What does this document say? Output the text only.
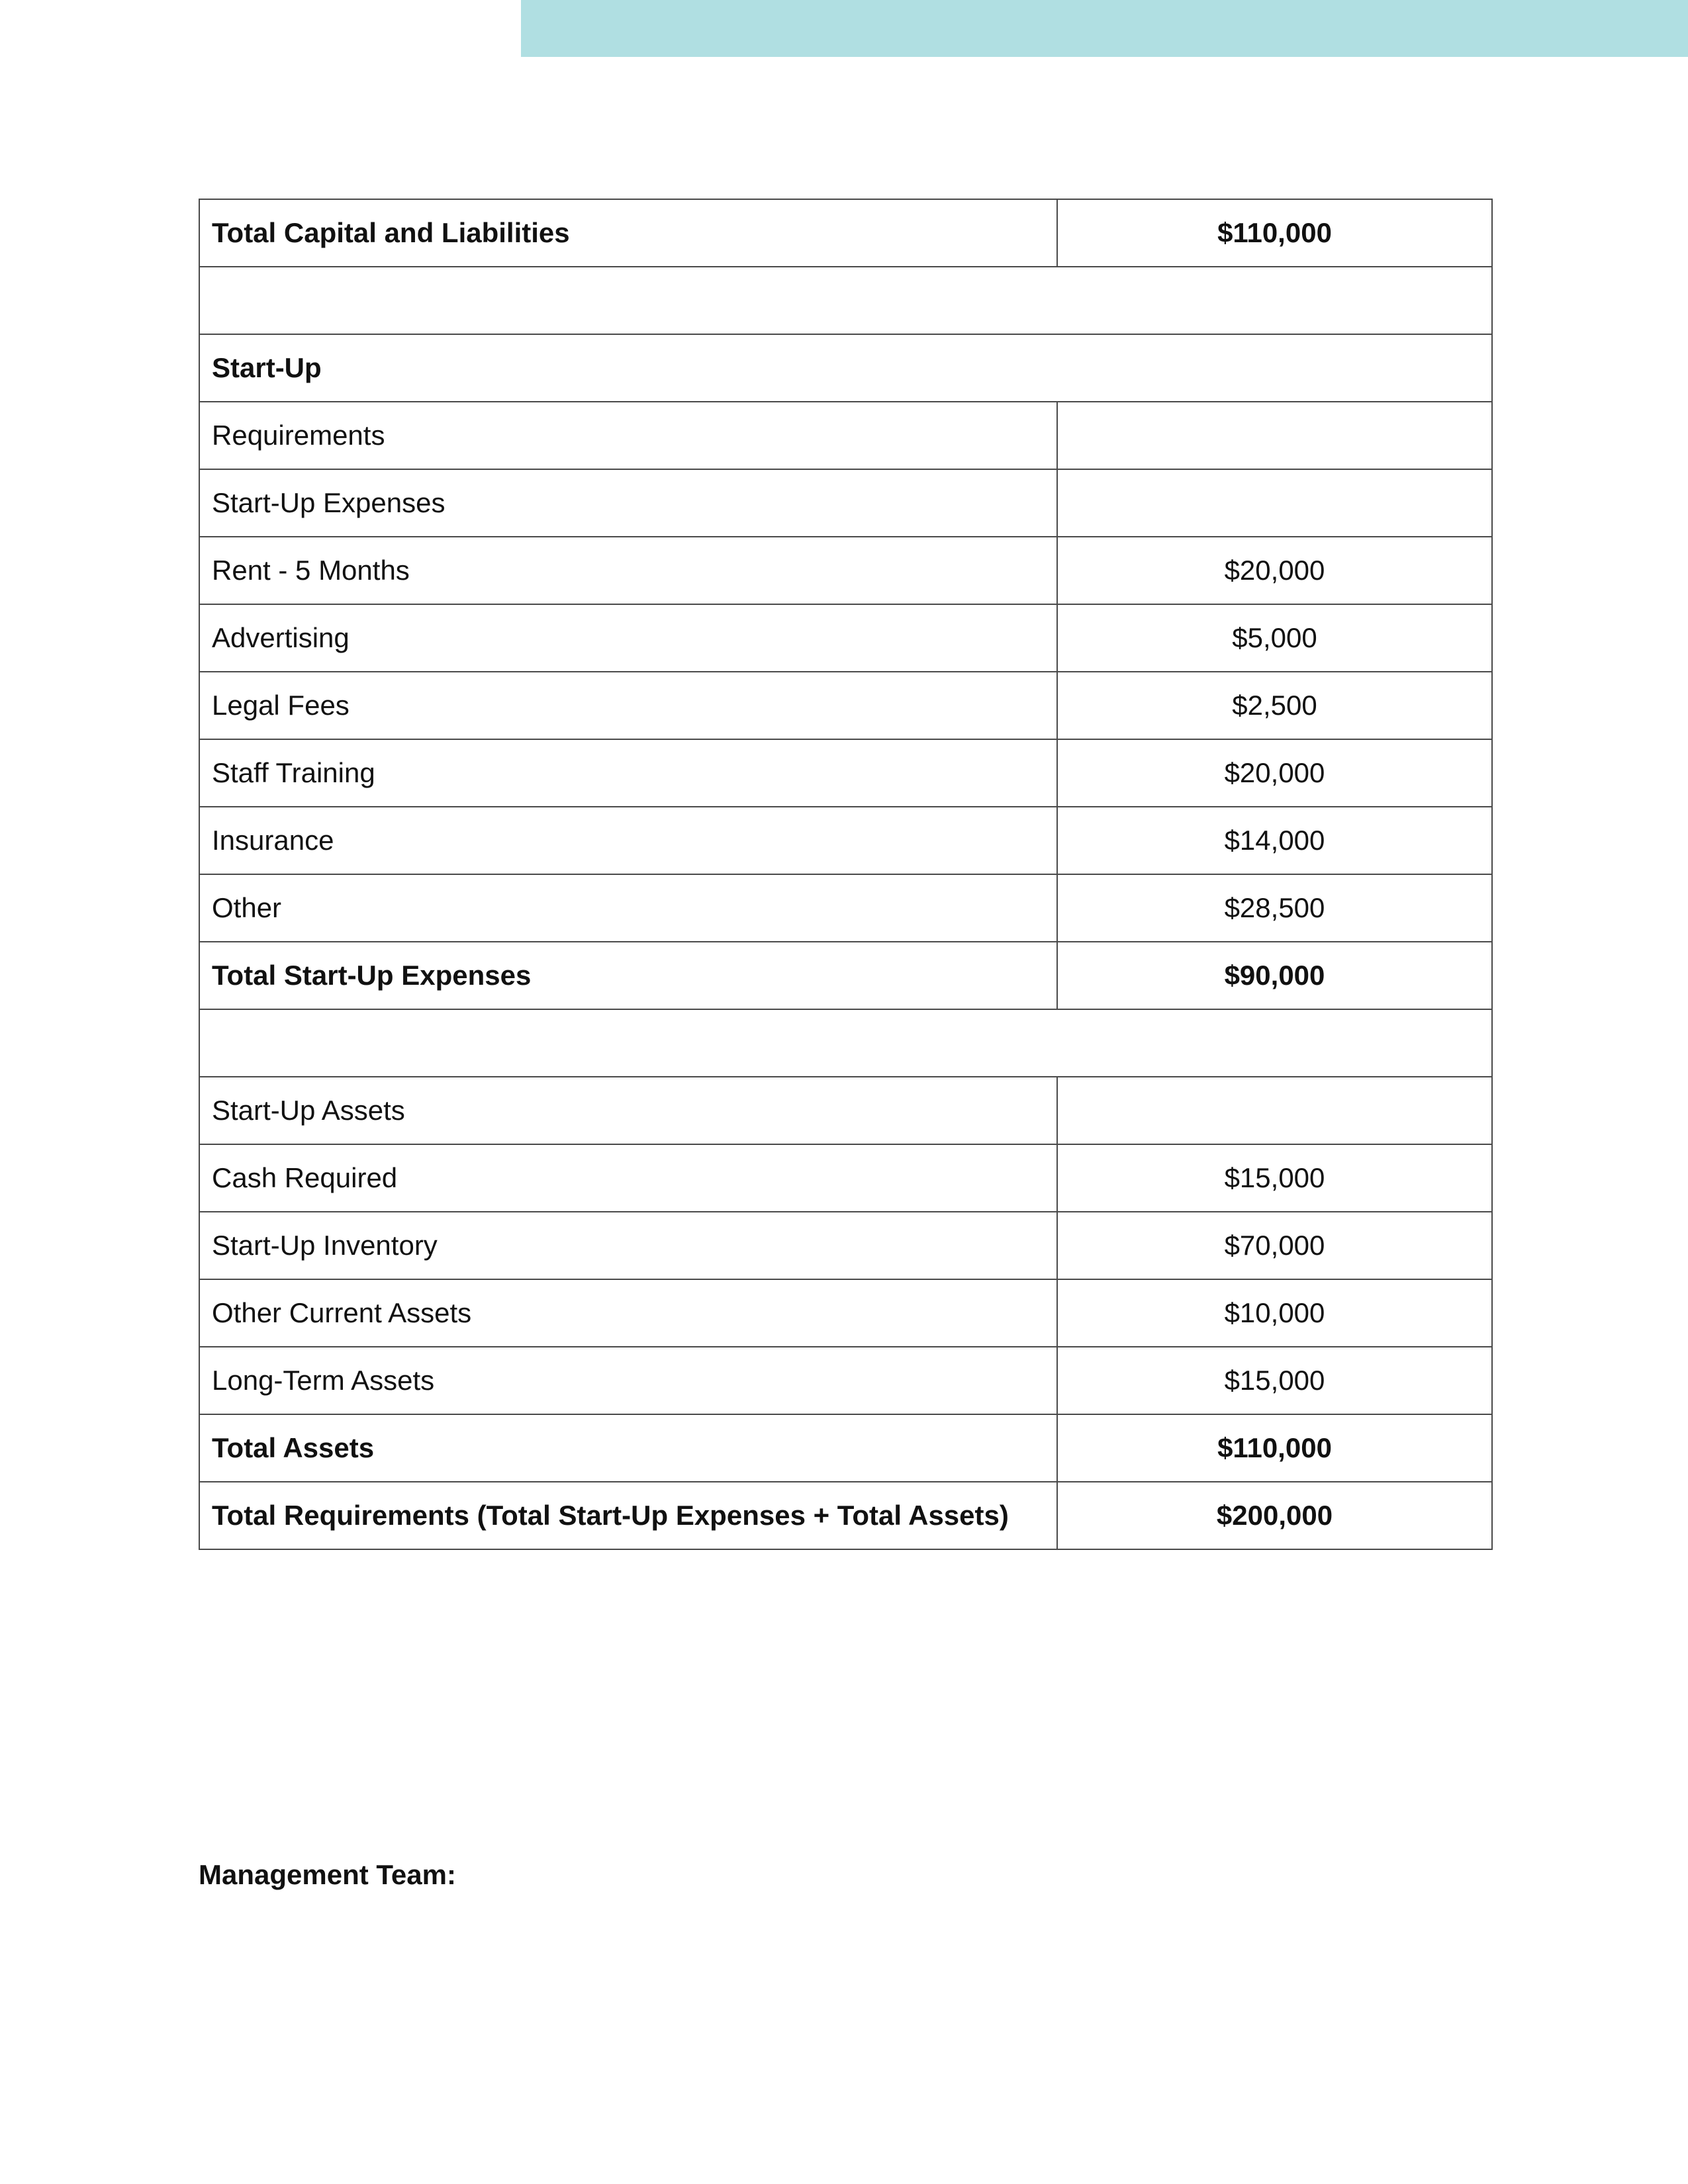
Total Capital and Liabilities	$110,000

Start-Up	
Requirements	
Start-Up Expenses	
Rent - 5 Months	$20,000
Advertising	$5,000
Legal Fees	$2,500
Staff Training	$20,000
Insurance	$14,000
Other	$28,500
Total Start-Up Expenses	$90,000

Start-Up Assets	
Cash Required	$15,000
Start-Up Inventory	$70,000
Other Current Assets	$10,000
Long-Term Assets	$15,000
Total Assets	$110,000
Total Requirements (Total Start-Up Expenses + Total Assets)	$200,000
Management Team:
